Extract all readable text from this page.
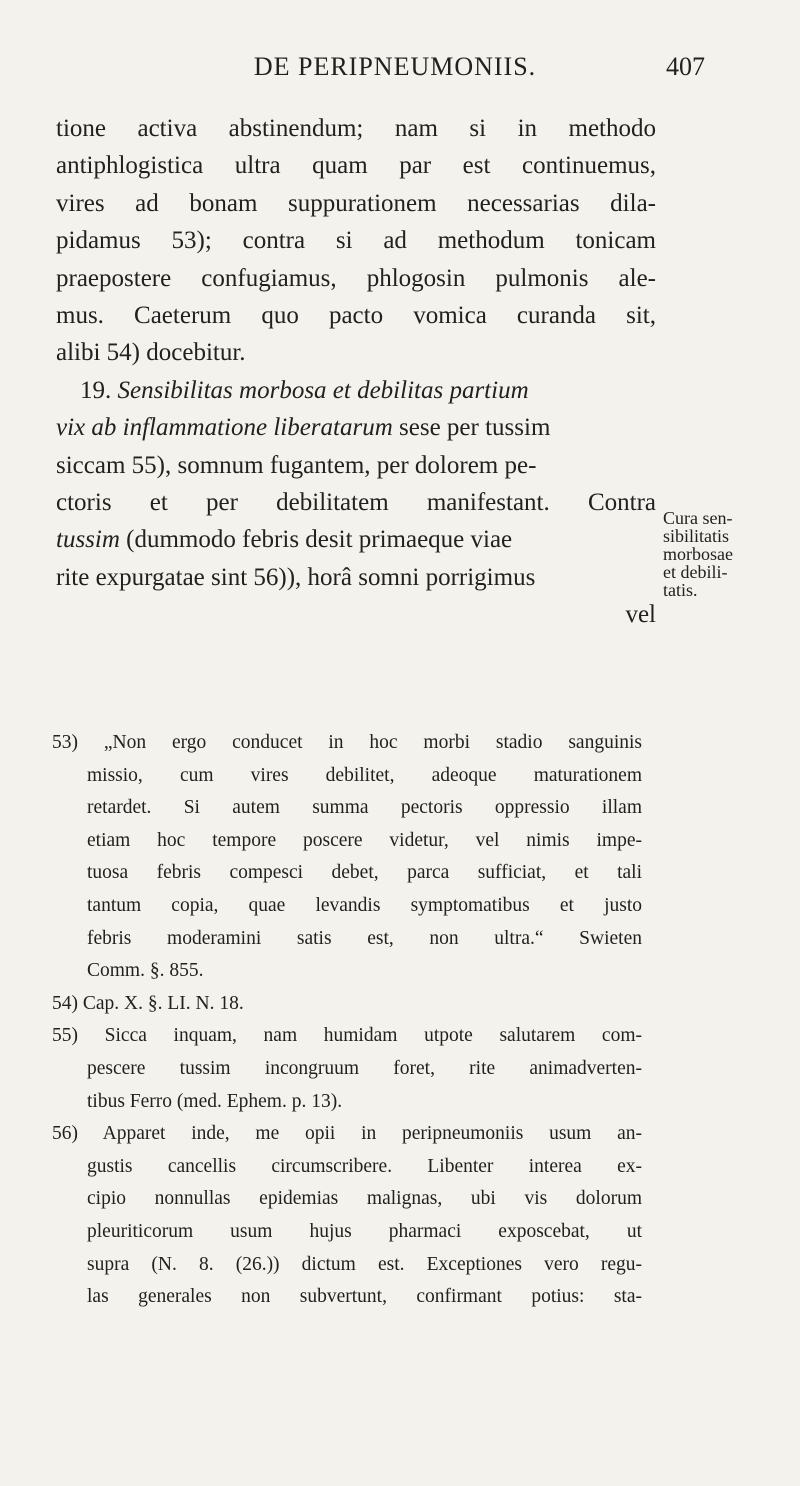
DE PERIPNEUMONIIS.	407
tione activa abstinendum; nam si in methodo
antiphlogistica ultra quam par est continuemus,
vires ad bonam suppurationem necessarias dila-
pidamus 53); contra si ad methodum tonicam
praepostere confugiamus, phlogosin pulmonis ale-
mus. Caeterum quo pacto vomica curanda sit,
alibi 54) docebitur.
19. Sensibilitas morbosa et debilitas partium
vix ab inflammatione liberatarum sese per tussim
siccam 55), somnum fugantem, per dolorem pe-
ctoris et per debilitatem manifestant. Contra
tussim (dummodo febris desit primaeque viae
rite expurgatae sint 56)), horâ somni porrigimus
vel
Cura sen-
sibilitatis
morbosae
et debili-
tatis.
53) „Non ergo conducet in hoc morbi stadio sanguinis
missio, cum vires debilitet, adeoque maturationem
retardet. Si autem summa pectoris oppressio illam
etiam hoc tempore poscere videtur, vel nimis impe-
tuosa febris compesci debet, parca sufficiat, et tali
tantum copia, quae levandis symptomatibus et justo
febris moderamini satis est, non ultra.“ Swieten
Comm. §. 855.
54) Cap. X. §. LI. N. 18.
55) Sicca inquam, nam humidam utpote salutarem com-
pescere tussim incongruum foret, rite animadverten-
tibus Ferro (med. Ephem. p. 13).
56) Apparet inde, me opii in peripneumoniis usum an-
gustis cancellis circumscribere. Libenter interea ex-
cipio nonnullas epidemias malignas, ubi vis dolorum
pleuriticorum usum hujus pharmaci exposcebat, ut
supra (N. 8. (26.)) dictum est. Exceptiones vero regu-
las generales non subvertunt, confirmant potius: sta-
